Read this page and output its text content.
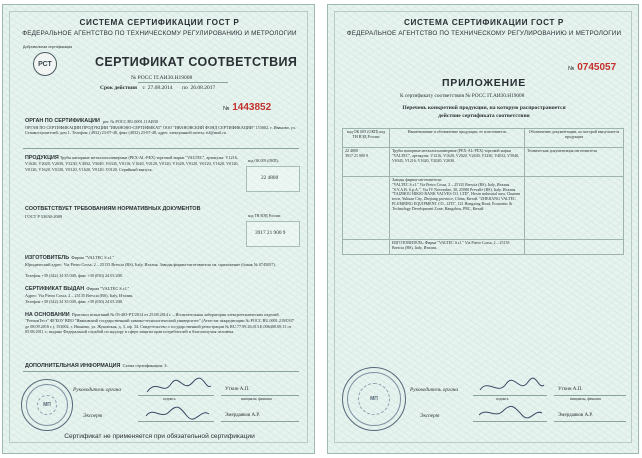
СИСТЕМА СЕРТИФИКАЦИИ ГОСТ Р
ФЕДЕРАЛЬНОЕ АГЕНТСТВО ПО ТЕХНИЧЕСКОМУ РЕГУЛИРОВАНИЮ И МЕТРОЛОГИИ
РСТ
Добровольная сертификация
СЕРТИФИКАТ СООТВЕТСТВИЯ
№ РОСС IT.АИ30.Н19008
Срок действия с 27.08.2014 по 26.08.2017
№ 1443852
ОРГАН ПО СЕРТИФИКАЦИИ рег. № РОСС RU.0001.11АИ30
ОРГАН ПО СЕРТИФИКАЦИИ ПРОДУКЦИИ "ИВАНОВО-СЕРТИФИКАТ" ООО "ИВАНОВСКИЙ ФОНД СЕРТИФИКАЦИИ" 153002, г. Иваново, ул. Станкостроителей, дом 1. Телефон: (4932) 23-07-48, факс (4932) 23-07-48, адрес электронной почты: isf@mail.ru
ПРОДУКЦИЯ Трубы напорные металлополимерные (PEX-AL-PEX) торговой марки "VALTEC", артикулы: V1216, V1620, V2020, V2630, V3230, V4032, V5040, V6345, V0116, V1620, V0120, V0120, V1620, V0120, V0120, V1620, V0120, V0120, V1620, V0120, V0120, V1620, V0120, V0120. Серийный выпуск.
код ОК 005 (ОКП):
22 4800
СООТВЕТСТВУЕТ ТРЕБОВАНИЯМ НОРМАТИВНЫХ ДОКУМЕНТОВ
ГОСТ Р 53630-2009	код ТН ВЭД России:
3917 21 900 9
ИЗГОТОВИТЕЛЬ Фирма "VALTEC S.r.l."
Юридический адрес: Via Pietro Cossa, 2 – 25135 Brescia (BS), Italy, Италия. Заводы фирмы-изготовителя см. приложение (бланк № 0745057).
Телефон +39 (342) 34 35 049, факс +39 (030) 24 03 208.
СЕРТИФИКАТ ВЫДАН Фирма "VALTEC S.r.l."
Адрес: Via Pietro Cossa, 2 – 25135 Brescia (BS), Italy, Италия.
Телефон +39 (342) 34 35 049, факс +39 (030) 24 03 208.
НА ОСНОВАНИИ Протокол испытаний № 03-483-РТ/2014 от 25.08.2014 г. – Испытательная лаборатория электротехнических изделий "РегионТест" ФГБОУ ВПО "Ивановский государственный химико-технологический университет" (Аттестат аккредитации № РОСС RU.0001.21МЭ37 до 08.09.2016 г.), 153002, г. Иваново, ул. Жуковская, д. 3, оф. 34. Свидетельство о государственной регистрации № RU.77.99.26.013.Е.006400.08.11 от 05.08.2011 г., выдано Федеральной службой по надзору в сфере защиты прав потребителей и благополучия человека.
ДОПОЛНИТЕЛЬНАЯ ИНФОРМАЦИЯ Схема сертификации: 3.
МП
Руководитель органа
подпись
Уткин А.П.
инициалы, фамилия
Эксперт	Эмердаяков А.Р.
Сертификат не применяется при обязательной сертификации
СИСТЕМА СЕРТИФИКАЦИИ ГОСТ Р
ФЕДЕРАЛЬНОЕ АГЕНТСТВО ПО ТЕХНИЧЕСКОМУ РЕГУЛИРОВАНИЮ И МЕТРОЛОГИИ
ПРИЛОЖЕНИЕ
№ 0745057
К сертификату соответствия № РОСС IT.АИ30.Н19008
Перечень конкретной продукции, на которую распространяется
действие сертификата соответствия
код ОК 005 (ОКП) код ТН ВЭД России	Наименование и обозначение продукции, ее изготовитель	Обозначение документации, по которой выпускается продукция

22 4800
3917 21 900 9	Трубы напорные металлополимерные (PEX-AL-PEX) торговой марки "VALTEC", артикулы: V1216, V1620, V2020, V2630, V3230, V4032, V5040, V6345, V1216, V1620, V2020, V2630.	Техническая документация изготовителя

	Заводы фирмы-изготовителя:
"VALTEC S.r.l." Via Pietro Cossa, 2 – 25135 Brescia (BS), Italy, Италия. "S.V.A.B. S.p.A.", Via IV Novembre, 30, 25080 Prevalle (BS), Italy, Италия. "TAIZHOU HIKIO BANK VALVES CO. LTD", Hexin industrial area, Chumen town, Yuhuan City, Zhejiang province, China, Китай. "ZHEJIANG VALTEC PLUMBING EQUIPMENT CO., LTD", 121 Hongxing Road, Economic & Technology Development Zone, Hangzhou, PRC, Китай.	

	ИЗГОТОВИТЕЛЬ: Фирма "VALTEC S.r.l." Via Pietro Cossa, 2 – 25135 Brescia (BS), Italy, Италия.	
МП
Руководитель органа
подпись
Уткин А.П.
инициалы, фамилия
Эксперт	Эмердаяков А.Р.
